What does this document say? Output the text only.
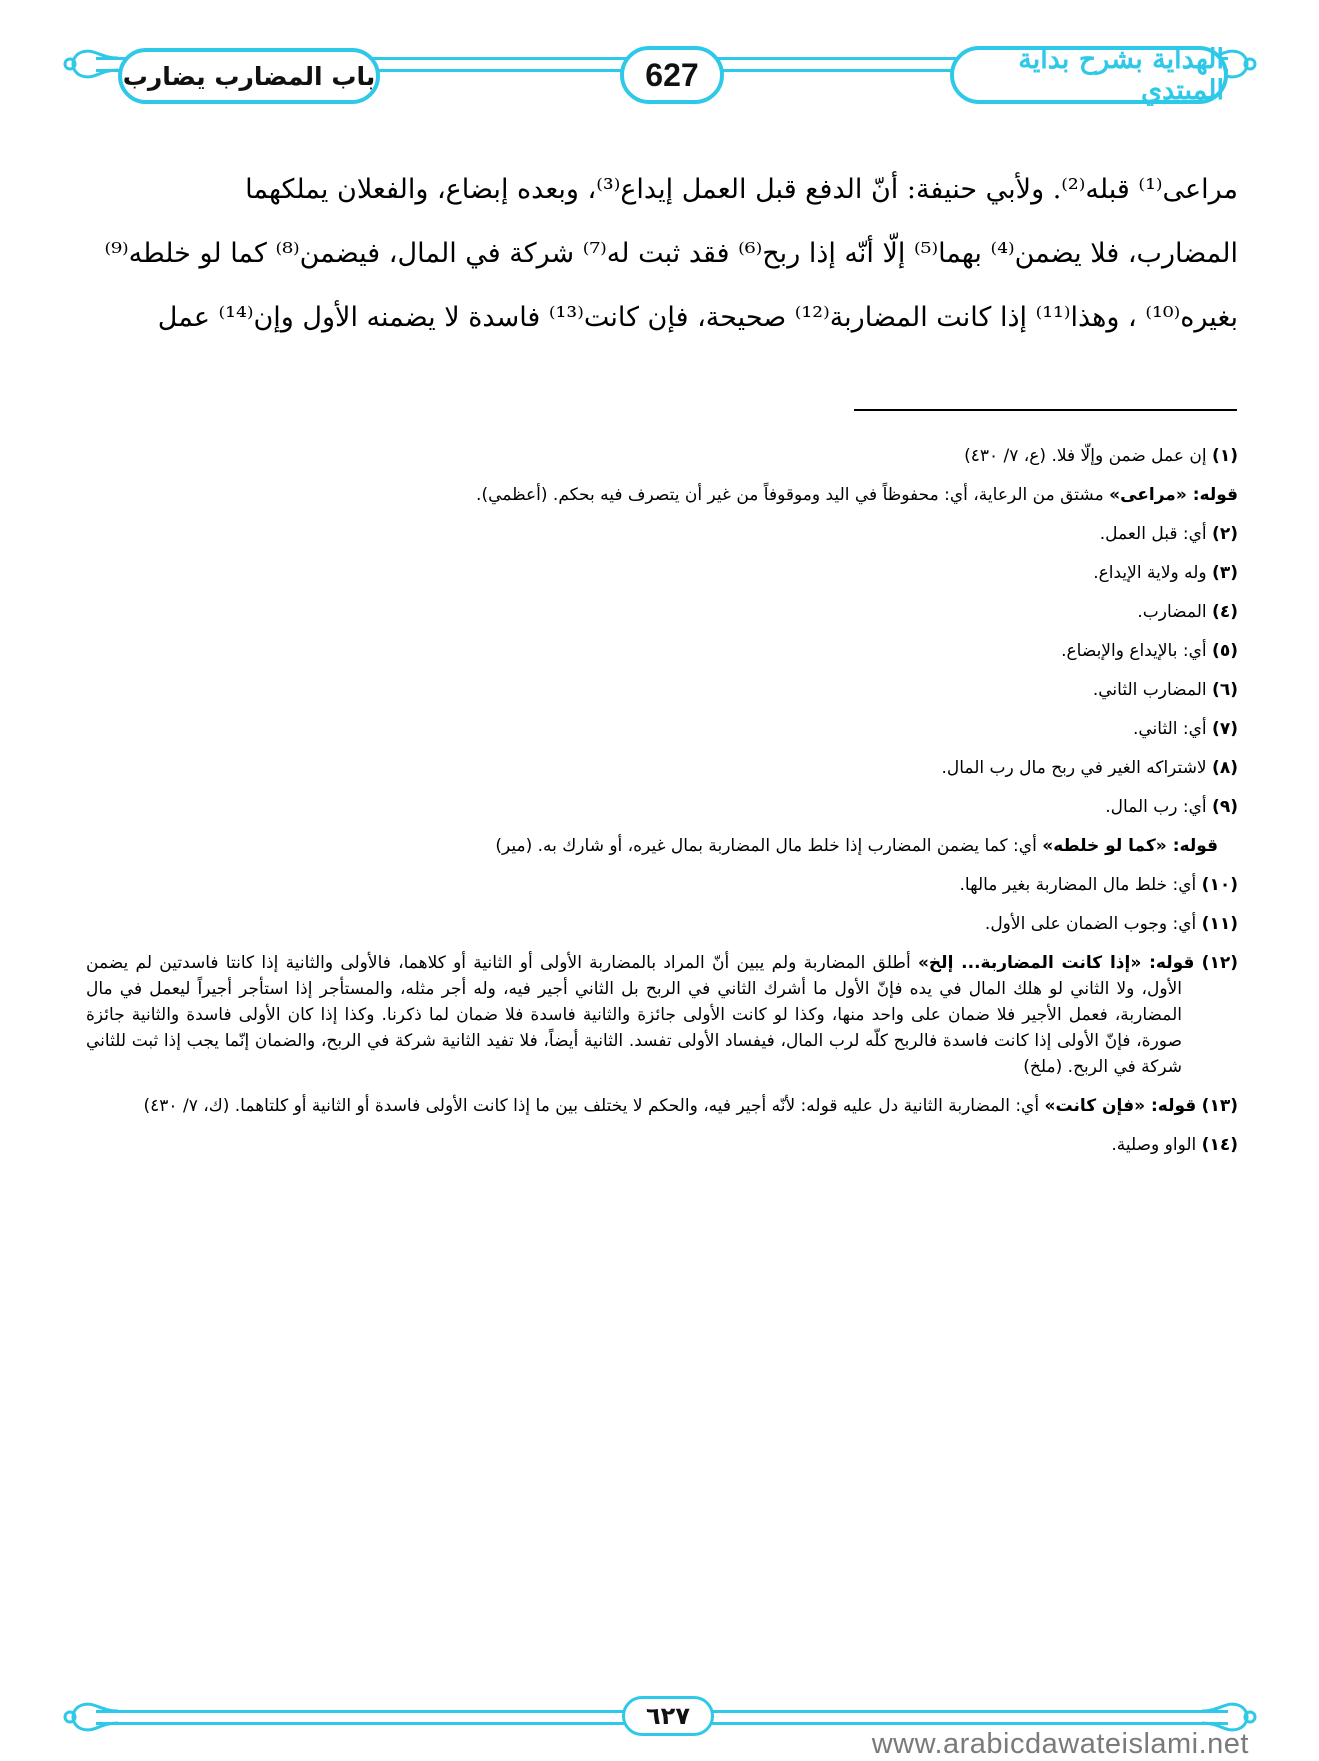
باب المضارب يضارب	627	الهداية بشرح بداية المبتدي

مراعى⁽¹⁾ قبله⁽²⁾. ولأبي حنيفة: أنّ الدفع قبل العمل إيداع⁽³⁾، وبعده إبضاع، والفعلان يملكهما

المضارب، فلا يضمن⁽⁴⁾ بهما⁽⁵⁾ إلّا أنّه إذا ربح⁽⁶⁾ فقد ثبت له⁽⁷⁾ شركة في المال، فيضمن⁽⁸⁾ كما لو خلطه⁽⁹⁾

بغيره⁽¹⁰⁾ ، وهذا⁽¹¹⁾ إذا كانت المضاربة⁽¹²⁾ صحيحة، فإن كانت⁽¹³⁾ فاسدة لا يضمنه الأول وإن⁽¹⁴⁾ عمل

(١) إن عمل ضمن وإلّا فلا. (ع، ٧/ ٤٣٠)

قوله: «مراعى» مشتق من الرعاية، أي: محفوظاً في اليد وموقوفاً من غير أن يتصرف فيه بحكم. (أعظمي).

(٢) أي: قبل العمل.

(٣) وله ولاية الإيداع.

(٤) المضارب.

(٥) أي: بالإيداع والإبضاع.

(٦) المضارب الثاني.

(٧) أي: الثاني.

(٨) لاشتراكه الغير في ربح مال رب المال.

(٩) أي: رب المال.

قوله: «كما لو خلطه» أي: كما يضمن المضارب إذا خلط مال المضاربة بمال غيره، أو شارك به. (مير)

(١٠) أي: خلط مال المضاربة بغير مالها.

(١١) أي: وجوب الضمان على الأول.

(١٢) قوله: «إذا كانت المضاربة... إلخ» أطلق المضاربة ولم يبين أنّ المراد بالمضاربة الأولى أو الثانية أو كلاهما، فالأولى والثانية إذا كانتا فاسدتين لم يضمن الأول، ولا الثاني لو هلك المال في يده فإنّ الأول ما أشرك الثاني في الربح بل الثاني أجير فيه، وله أجر مثله، والمستأجر إذا استأجر أجيراً ليعمل في مال المضاربة، فعمل الأجير فلا ضمان على واحد منها، وكذا لو كانت الأولى جائزة والثانية فاسدة فلا ضمان لما ذكرنا. وكذا إذا كان الأولى فاسدة والثانية جائزة صورة، فإنّ الأولى إذا كانت فاسدة فالربح كلّه لرب المال، فيفساد الأولى تفسد. الثانية أيضاً، فلا تفيد الثانية شركة في الربح، والضمان إنّما يجب إذا ثبت للثاني شركة في الربح. (ملخ)

(١٣) قوله: «فإن كانت» أي: المضاربة الثانية دل عليه قوله: لأنّه أجير فيه، والحكم لا يختلف بين ما إذا كانت الأولى فاسدة أو الثانية أو كلتاهما. (ك، ٧/ ٤٣٠)

(١٤) الواو وصلية.

٦٢٧
www.arabicdawateislami.net
